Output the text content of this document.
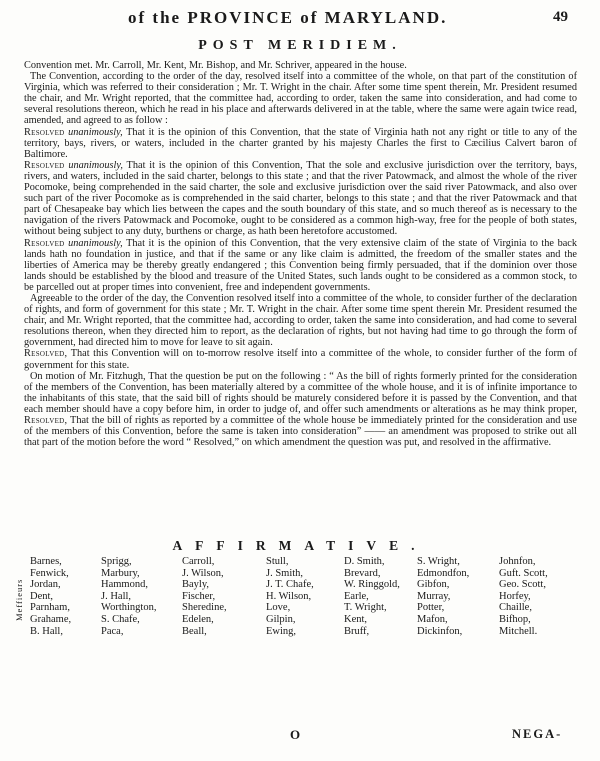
of the PROVINCE of MARYLAND.	49
POST MERIDIEM.

Convention met. Mr. Carroll, Mr. Kent, Mr. Bishop, and Mr. Schriver, appeared in the house.

The Convention, according to the order of the day, resolved itself into a committee of the whole, on that part of the constitution of Virginia, which was referred to their consideration ; Mr. T. Wright in the chair. After some time spent therein, Mr. President resumed the chair, and Mr. Wright reported, that the committee had, according to order, taken the same into consideration, and had come to several resolutions thereon, which he read in his place and afterwards delivered in at the table, where the same were again twice read, amended, and agreed to as follow :

Resolved unanimously, That it is the opinion of this Convention, that the state of Virginia hath not any right or title to any of the territory, bays, rivers, or waters, included in the charter granted by his majesty Charles the first to Cæcilius Calvert baron of Baltimore.

Resolved unanimously, That it is the opinion of this Convention, That the sole and exclusive jurisdiction over the territory, bays, rivers, and waters, included in the said charter, belongs to this state ; and that the river Patowmack, and almost the whole of the river Pocomoke, being comprehended in the said charter, the sole and exclusive jurisdiction over the said river Patowmack, and also over such part of the river Pocomoke as is comprehended in the said charter, belongs to this state ; and that the river Patowmack and that part of Chesapeake bay which lies between the capes and the south boundary of this state, and so much thereof as is necessary to the navigation of the rivers Patowmack and Pocomoke, ought to be considered as a common high-way, free for the people of both states, without being subject to any duty, burthens or charge, as hath been heretofore accustomed.

Resolved unanimously, That it is the opinion of this Convention, that the very extensive claim of the state of Virginia to the back lands hath no foundation in justice, and that if the same or any like claim is admitted, the freedom of the smaller states and the liberties of America may be thereby greatly endangered ; this Convention being firmly persuaded, that if the dominion over those lands should be established by the blood and treasure of the United States, such lands ought to be considered as a common stock, to be parcelled out at proper times into convenient, free and independent governments.

Agreeable to the order of the day, the Convention resolved itself into a committee of the whole, to consider further of the declaration of rights, and form of government for this state ; Mr. T. Wright in the chair. After some time spent therein Mr. President resumed the chair, and Mr. Wright reported, that the committee had, according to order, taken the same into consideration, and had come to several resolutions thereon, when they directed him to report, as the declaration of rights, but not having had time to go through the form of government, had directed him to move for leave to sit again.

Resolved, That this Convention will on to-morrow resolve itself into a committee of the whole, to consider further of the form of government for this state.

On motion of Mr. Fitzhugh, That the question be put on the following : “ As the bill of rights formerly printed for the consideration of the members of the Convention, has been materially altered by a committee of the whole house, and it is of infinite importance to the inhabitants of this state, that the said bill of rights should be maturely considered before it is passed by the Convention, and that each member should have a copy before him, in order to judge of, and offer such amendments or alterations as he may think proper, Resolved, That the bill of rights as reported by a committee of the whole house be immediately printed for the consideration and use of the members of this Convention, before the same is taken into consideration” —— an amendment was proposed to strike out all that part of the motion before the word “ Resolved,” on which amendment the question was put, and resolved in the affirmative.

AFFIRMATIVE.
Meffieurs
Barnes,
Fenwick,
Jordan,
Dent,
Parnham,
Grahame,
B. Hall,
Sprigg,
Marbury,
Hammond,
J. Hall,
Worthington,
S. Chafe,
Paca,
Carroll,
J. Wilson,
Bayly,
Fischer,
Sheredine,
Edelen,
Beall,
Stull,
J. Smith,
J. T. Chafe,
H. Wilson,
Love,
Gilpin,
Ewing,
D. Smith,
Brevard,
W. Ringgold,
Earle,
T. Wright,
Kent,
Bruff,
S. Wright,
Edmondfon,
Gibfon,
Murray,
Potter,
Mafon,
Dickinfon,
Johnfon,
Guft. Scott,
Geo. Scott,
Horfey,
Chaille,
Bifhop,
Mitchell.
O	NEGA-
